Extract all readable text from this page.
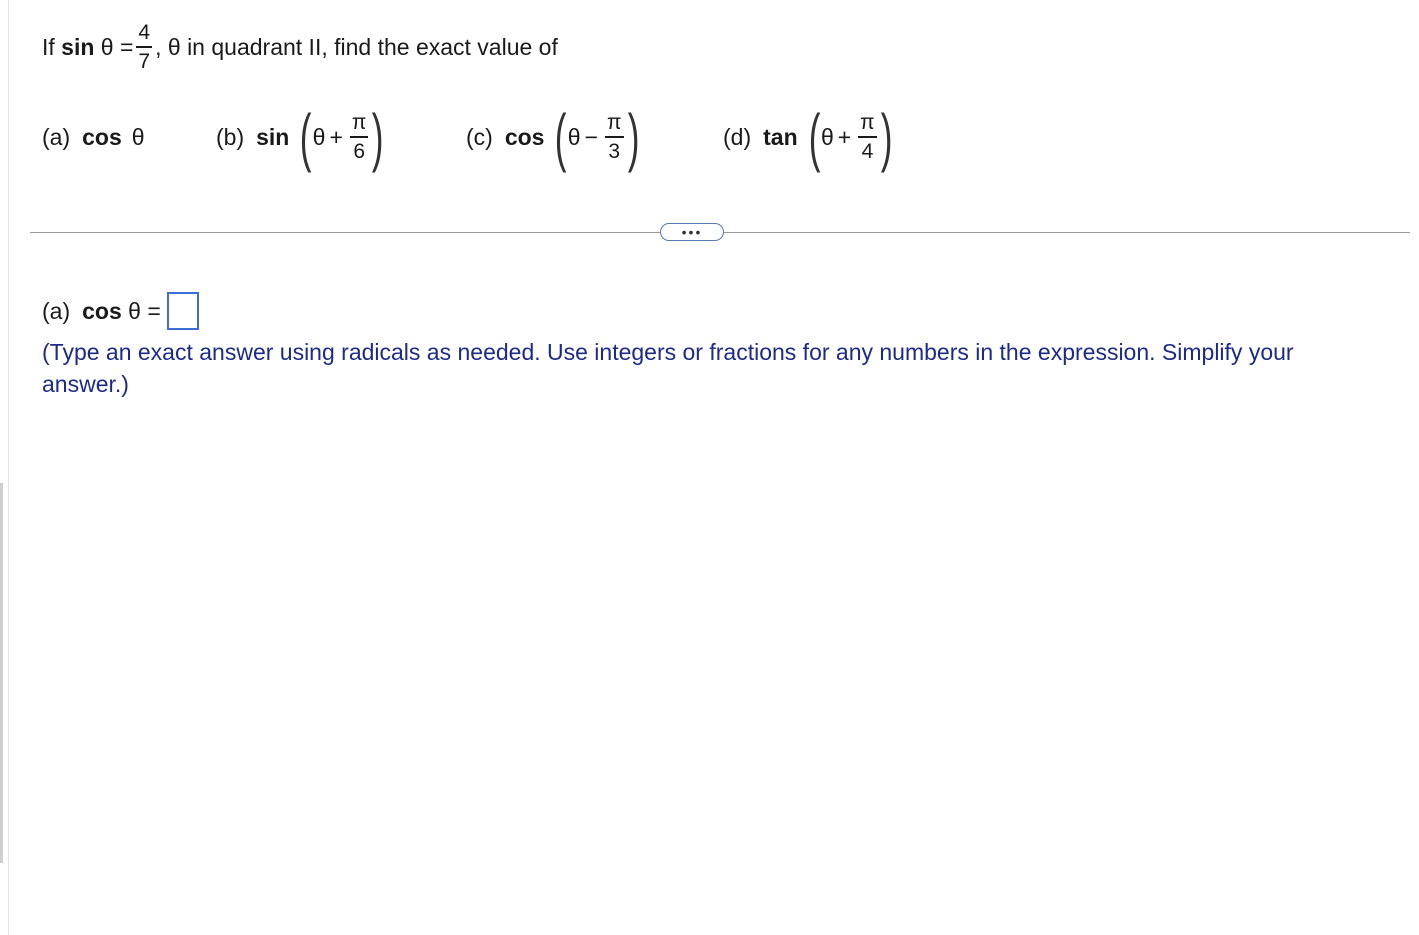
If
sin
θ
= $\frac{4}{7}$ , θ in quadrant II, find the exact value of
(a) cos θ	(b) sin ( $\theta + \frac{\pi}{6}$ )	(c) cos ( $\theta - \frac{\pi}{3}$ )	(d) tan ( $\theta + \frac{\pi}{4}$ )
•••
(a) cos
θ
=
(Type an exact answer using radicals as needed. Use integers or fractions for any numbers in the expression. Simplify your answer.)
